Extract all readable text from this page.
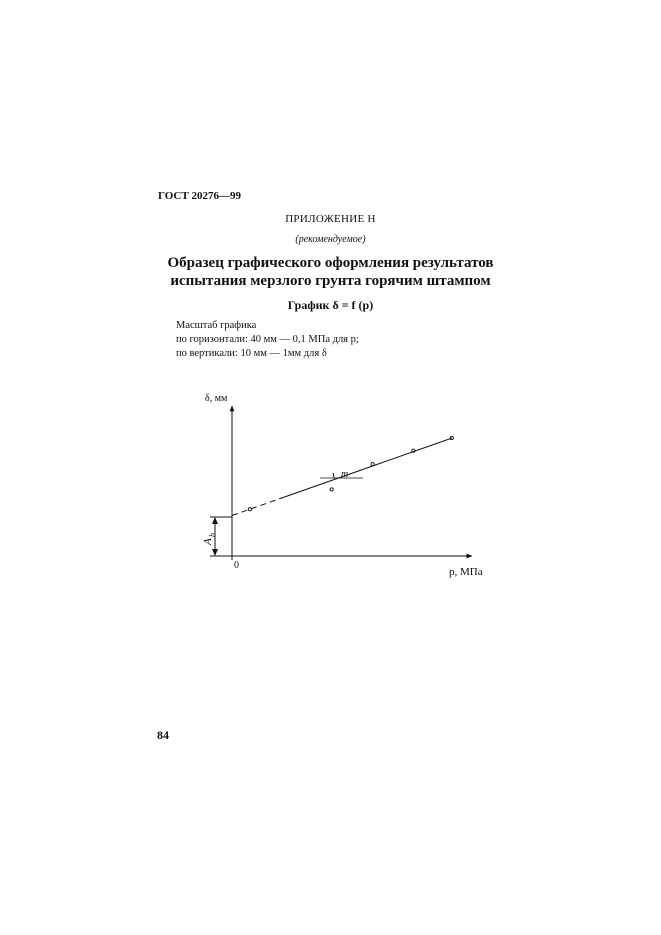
ГОСТ 20276—99
ПРИЛОЖЕНИЕ Н
(рекомендуемое)
Образец графического оформления результатов
испытания мерзлого грунта горячим штампом
График δ = f (p)
Масштаб графика
по горизонтали: 40 мм — 0,1 МПа для p;
по вертикали: 10 мм — 1мм для δ
δ, мм
p, МПа
0
A
h
m
84
